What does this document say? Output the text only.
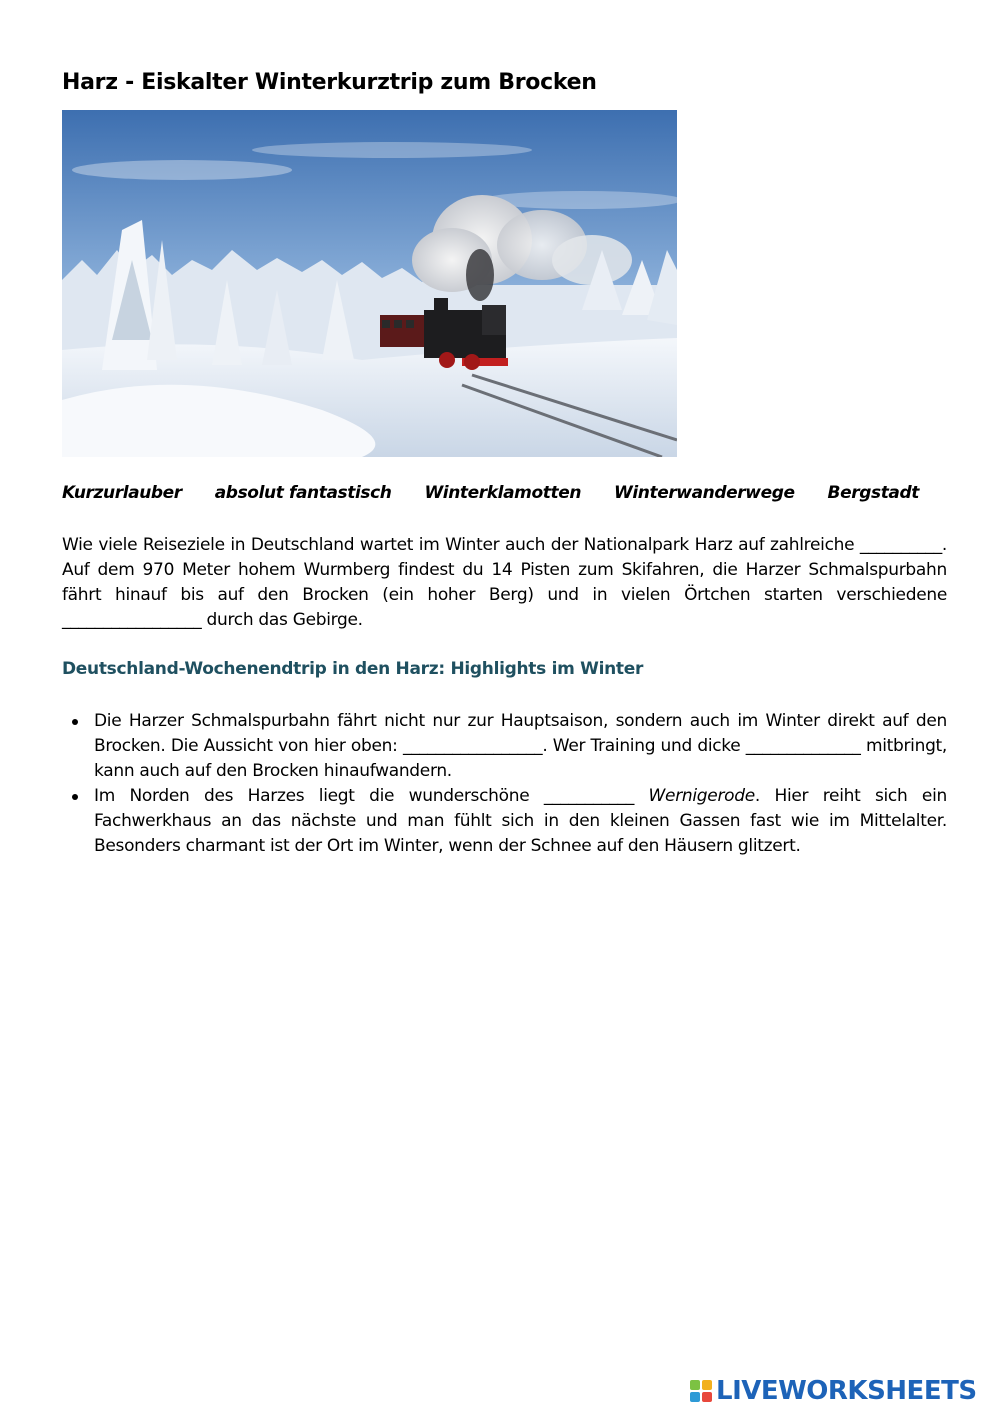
Harz - Eiskalter Winterkurztrip zum Brocken
Kurzurlauber absolut fantastisch Winterklamotten Winterwanderwege Bergstadt

Wie viele Reiseziele in Deutschland wartet im Winter auch der Nationalpark Harz auf zahlreiche __________. Auf dem 970 Meter hohem Wurmberg findest du 14 Pisten zum Skifahren, die Harzer Schmalspurbahn fährt hinauf bis auf den Brocken (ein hoher Berg) und in vielen Örtchen starten verschiedene _________________ durch das Gebirge.

Deutschland-Wochenendtrip in den Harz: Highlights im Winter
Die Harzer Schmalspurbahn fährt nicht nur zur Hauptsaison, sondern auch im Winter direkt auf den Brocken. Die Aussicht von hier oben: _________________. Wer Training und dicke ______________ mitbringt, kann auch auf den Brocken hinaufwandern.
Im Norden des Harzes liegt die wunderschöne ___________ Wernigerode. Hier reiht sich ein Fachwerkhaus an das nächste und man fühlt sich in den kleinen Gassen fast wie im Mittelalter. Besonders charmant ist der Ort im Winter, wenn der Schnee auf den Häusern glitzert.
LIVEWORKSHEETS
